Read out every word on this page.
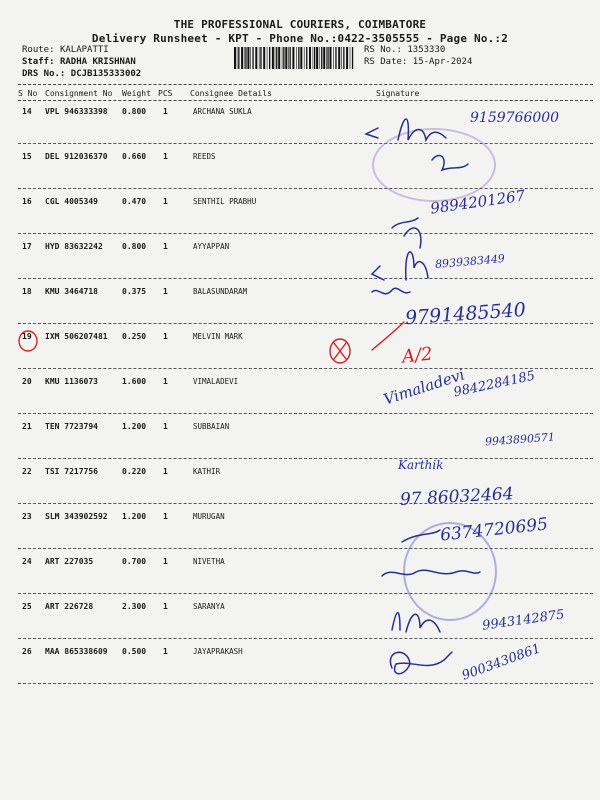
THE PROFESSIONAL COURIERS, COIMBATORE
Delivery Runsheet - KPT - Phone No.:0422-3505555 - Page No.:2
Route: KALAPATTI
Staff: RADHA KRISHNAN
DRS No.: DCJB135333002
RS No.: 1353330
RS Date: 15-Apr-2024
S No Consignment No Weight PCS Consignee Details	Signature
14 VPL 946333398 0.800 1	ARCHANA SUKLA
15 DEL 912036370 0.660 1	REEDS
16 CGL 4005349	0.470 1	SENTHIL PRABHU
17 HYD 83632242 0.800 1	AYYAPPAN
18 KMU 3464718	0.375 1	BALASUNDARAM
19 IXM 506207481 0.250 1	MELVIN MARK
20 KMU 1136073	1.600 1	VIMALADEVI
21 TEN 7723794	1.200 1	SUBBAIAN
22 TSI 7217756	0.220 1	KATHIR
23 SLM 343902592 1.200 1	MURUGAN
24 ART 227035	0.700 1	NIVETHA
25 ART 226728	2.300 1	SARANYA
26 MAA 865338609 0.500 1	JAYAPRAKASH
9159766000
9894201267
8939383449
9791485540
A/2
Vimaladevi
9842284185
9943890571
Karthik
97 86032464
6374720695
9943142875
9003430861
